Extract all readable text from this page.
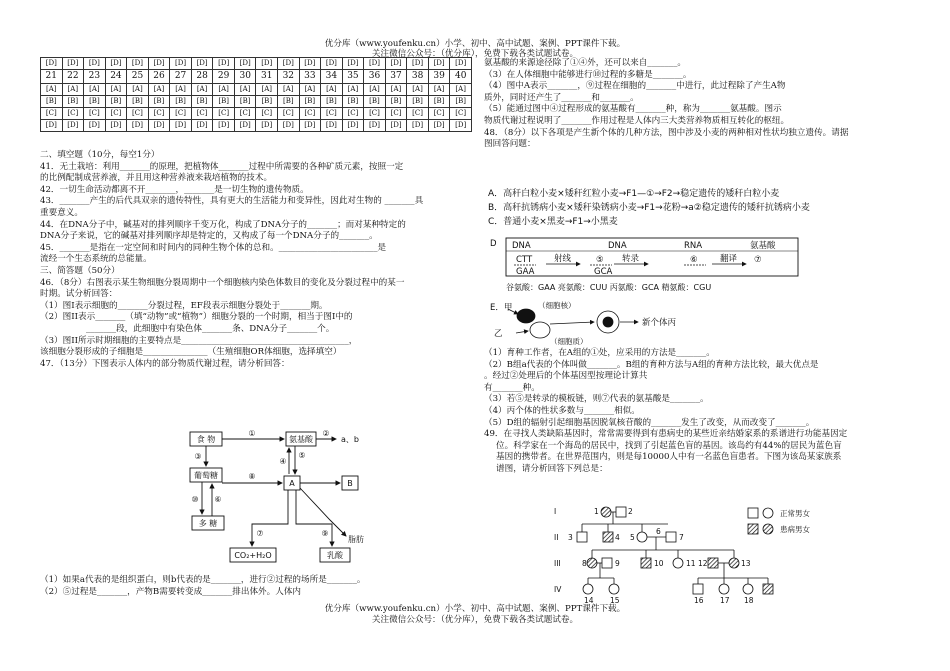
优分库（www.youfenku.cn）小学、初中、高中试题、案例、PPT课件下载。
关注微信公众号：（优分库），免费下载各类试题试卷。
[D]	[D]	[D]	[D]	[D]	[D]	[D]	[D]	[D]	[D]	[D]	[D]	[D]	[D]	[D]	[D]	[D]	[D]	[D]	[D]
21	22	23	24	25	26	27	28	29	30	31	32	33	34	35	36	37	38	39	40
[A]	[A]	[A]	[A]	[A]	[A]	[A]	[A]	[A]	[A]	[A]	[A]	[A]	[A]	[A]	[A]	[A]	[A]	[A]	[A]
[B]	[B]	[B]	[B]	[B]	[B]	[B]	[B]	[B]	[B]	[B]	[B]	[B]	[B]	[B]	[B]	[B]	[B]	[B]	[B]
[C]	[C]	[C]	[C]	[C]	[C]	[C]	[C]	[C]	[C]	[C]	[C]	[C]	[C]	[C]	[C]	[C]	[C]	[C]	[C]
[D]	[D]	[D]	[D]	[D]	[D]	[D]	[D]	[D]	[D]	[D]	[D]	[D]	[D]	[D]	[D]	[D]	[D]	[D]	[D]

二、填空题（10分，每空1分）

41．无土栽培：利用_______的原理，把植物体_______过程中所需要的各种矿质元素，按照一定

的比例配制成营养液，并且用这种营养液来栽培植物的技术。

42．一切生命活动都离不开_______，_______是一切生物的遗传物质。

43．_______产生的后代具双亲的遗传特性，具有更大的生活能力和变异性，因此对生物的 _______具

重要意义。

44．在DNA分子中，碱基对的排列顺序千变万化，构成了DNA分子的_______；而对某种特定的

DNA分子来说，它的碱基对排列顺序却是特定的，又构成了每一个DNA分子的_______。

45．_______是指在一定空间和时间内的同种生物个体的总和。_______________________是

流经一个生态系统的总能量。

三、简答题（50分）

46．（8分）右图表示某生物细胞分裂周期中一个细胞核内染色体数目的变化及分裂过程中的某一

时期。试分析回答：

（1）图I表示细胞的_______分裂过程，EF段表示细胞分裂处于_______期。

（2）图II表示_______（填“动物”或“植物”）细胞分裂的一个时期，相当于图I中的

_______段，此细胞中有染色体_______条、DNA分子_______个。

（3）图II所示时期细胞的主要特点是_______________________________________，

该细胞分裂形成的子细胞是_______________（生殖细胞OR体细胞，选择填空）

47．（13分）下图表示人体内的部分物质代谢过程，请分析回答：

食 物	氨基酸
葡萄糖
多 糖
a、b
A	B
脂肪
CO₂+H₂O	乳酸
①	②
③
④
⑤
⑥
⑦
⑧
⑨
⑩

（1）如果a代表的是组织蛋白，则b代表的是_______，进行②过程的场所是_______。

（2）⑤过程是_______，产物B需要转变成_______排出体外。人体内

氨基酸的来源途径除了①④外，还可以来自_______。

（3）在人体细胞中能够进行⑩过程的多糖是_______。

（4）图中A表示_______，⑨过程在细胞的_______中进行，此过程除了产生A物

质外，同时还产生了_______和_______。

（5）能通过图中④过程形成的氨基酸有_______种，称为_______氨基酸。图示

物质代谢过程说明了_______作用过程是人体内三大类营养物质相互转化的枢纽。

48．（8分）以下各项是产生新个体的几种方法，图中涉及小麦的两种相对性状均独立遗传。请据

图回答问题：

A．高秆白粒小麦×矮秆红粒小麦→F1—①→F2→稳定遗传的矮秆白粒小麦

B．高秆抗锈病小麦×矮秆染锈病小麦→F1→花粉→a②稳定遗传的矮秆抗锈病小麦

C．普通小麦×黑麦→F1→小黑麦

D DNA	DNA	RNA	氨基酸
CTT
GAA
射线	⑤
GCA
转录	⑥	翻译 ⑦
谷氨酸：GAA 亮氨酸：CUU 丙氨酸：GCA 精氨酸：CGU
E．甲
乙
（细胞核）
（细胞质）
新个体丙

（1）育种工作者，在A组的①处，应采用的方法是_______。

（2）B组a代表的个体叫做_______。B组的育种方法与A组的育种方法比较，最大优点是

。经过②处理后的个体基因型按理论计算共

有_______种。

（3）若⑤是转录的模板链，则⑦代表的氨基酸是_______。

（4）丙个体的性状多数与_______相似。

（5）D组的辐射引起细胞基因脱氧核苷酸的_______发生了改变，从而改变了_______。

49．在寻找人类缺陷基因时，常常需要得到有患病史的某些近亲结婚家系的系谱进行功能基因定

位。科学家在一个海岛的居民中，找到了引起蓝色盲的基因。该岛约有44%的居民为蓝色盲

基因的携带者。在世界范围内，则是每10000人中有一名蓝色盲患者。下图为该岛某家族系

谱图，请分析回答下列总是：

I
II
III
IV
1	2
3	4 5
6
7
8	9	10	11 12	13
14 15	16 17 18
正常男女
患病男女
优分库（www.youfenku.cn）小学、初中、高中试题、案例、PPT课件下载。
关注微信公众号：（优分库），免费下载各类试题试卷。
